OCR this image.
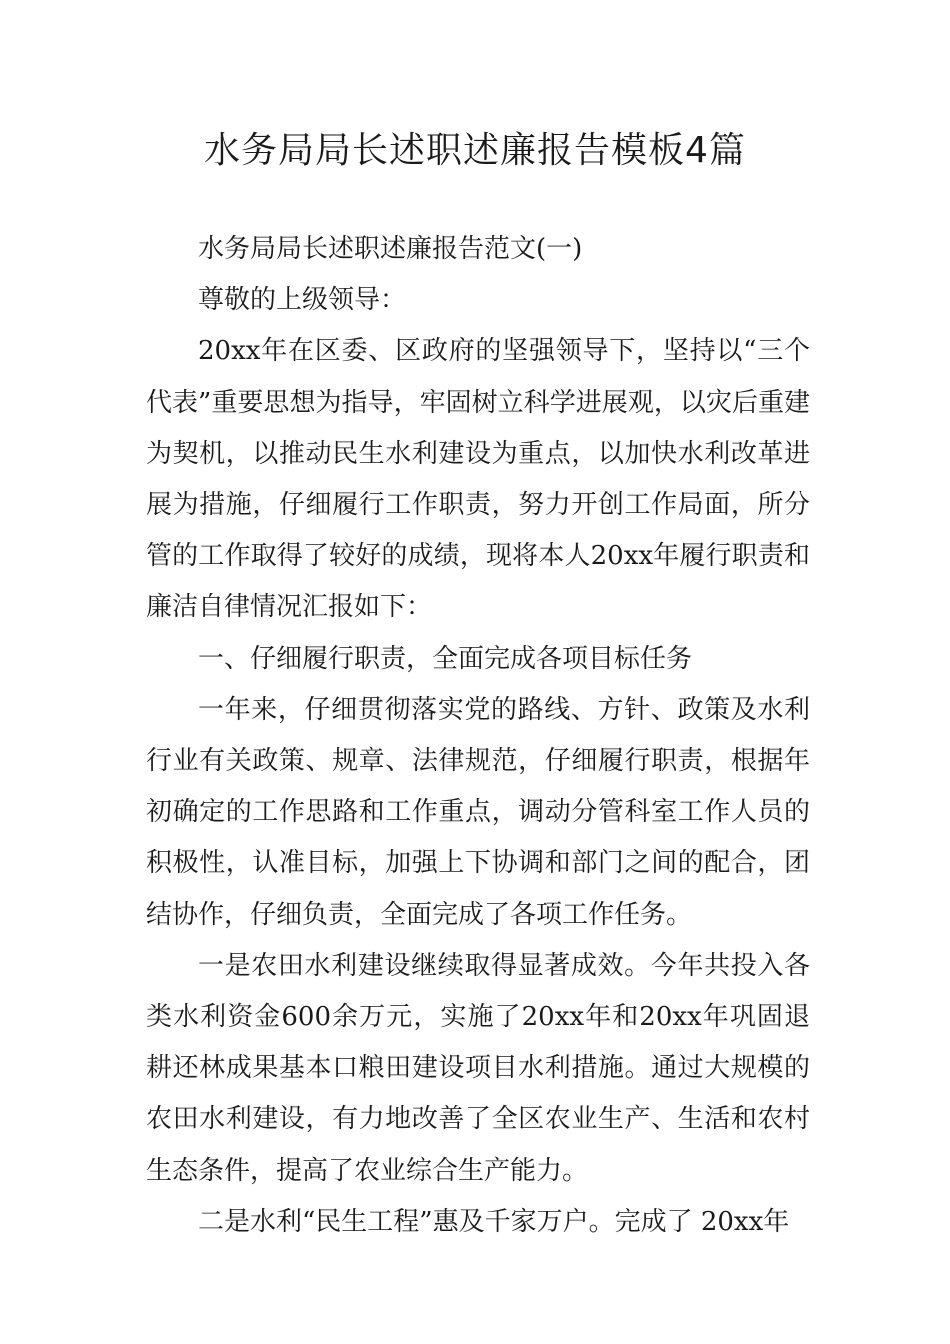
水务局局长述职述廉报告模板4篇

水务局局长述职述廉报告范文(一)

尊敬的上级领导：

20xx年在区委、区政府的坚强领导下，坚持以“三个代表”重要思想为指导，牢固树立科学进展观，以灾后重建为契机，以推动民生水利建设为重点，以加快水利改革进展为措施，仔细履行工作职责，努力开创工作局面，所分管的工作取得了较好的成绩，现将本人20xx年履行职责和廉洁自律情况汇报如下：

一、仔细履行职责，全面完成各项目标任务

一年来，仔细贯彻落实党的路线、方针、政策及水利行业有关政策、规章、法律规范，仔细履行职责，根据年初确定的工作思路和工作重点，调动分管科室工作人员的积极性，认准目标，加强上下协调和部门之间的配合，团结协作，仔细负责，全面完成了各项工作任务。

一是农田水利建设继续取得显著成效。今年共投入各类水利资金600余万元，实施了20xx年和20xx年巩固退耕还林成果基本口粮田建设项目水利措施。通过大规模的农田水利建设，有力地改善了全区农业生产、生活和农村生态条件，提高了农业综合生产能力。

二是水利“民生工程”惠及千家万户。完成了 20xx年
